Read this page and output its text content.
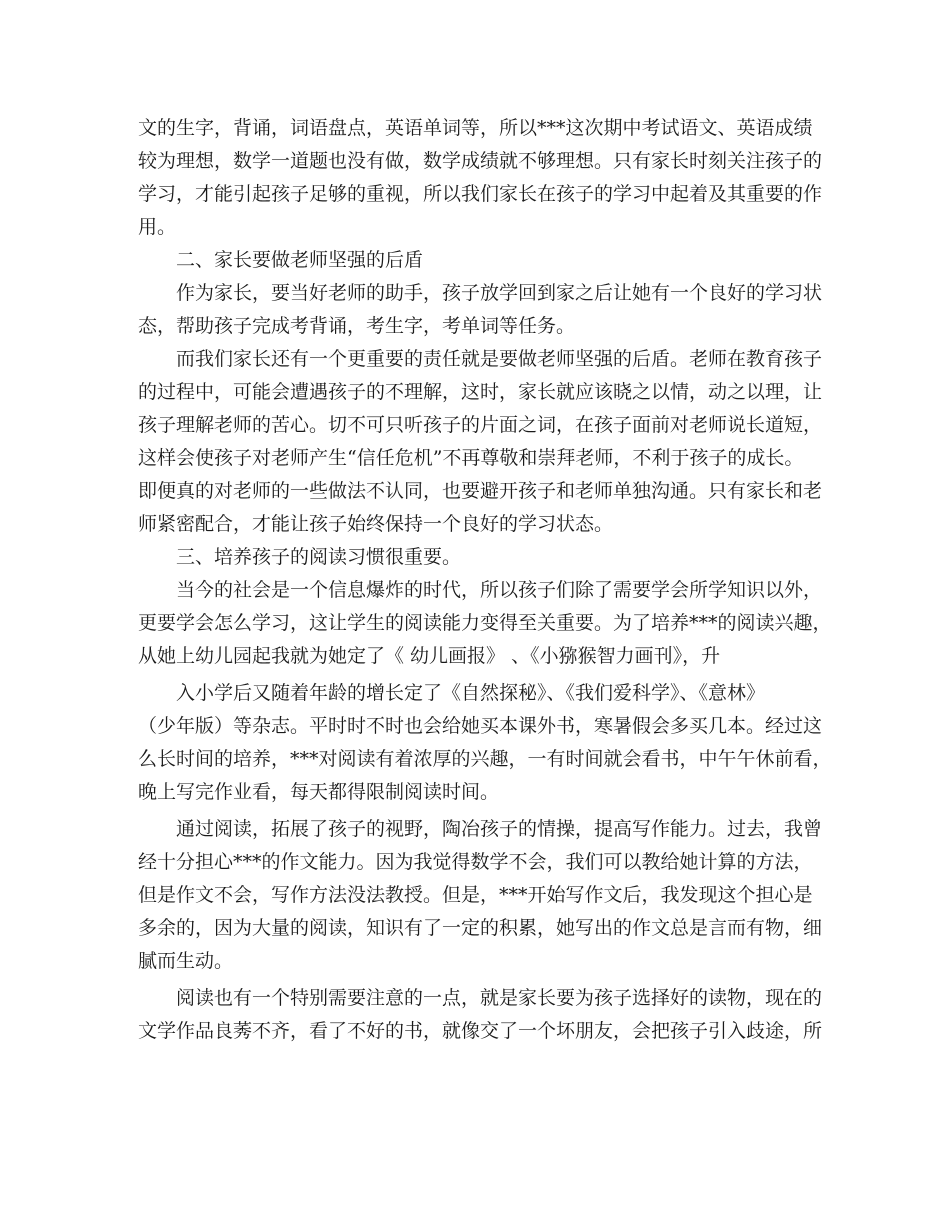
文的生字，背诵，词语盘点，英语单词等，所以***这次期中考试语文、英语成绩
较为理想，数学一道题也没有做，数学成绩就不够理想。只有家长时刻关注孩子的
学习，才能引起孩子足够的重视，所以我们家长在孩子的学习中起着及其重要的作
用。
二、家长要做老师坚强的后盾
作为家长，要当好老师的助手，孩子放学回到家之后让她有一个良好的学习状
态，帮助孩子完成考背诵，考生字，考单词等任务。
而我们家长还有一个更重要的责任就是要做老师坚强的后盾。老师在教育孩子
的过程中，可能会遭遇孩子的不理解，这时，家长就应该晓之以情，动之以理，让
孩子理解老师的苦心。切不可只听孩子的片面之词，在孩子面前对老师说长道短，
这样会使孩子对老师产生“信任危机”不再尊敬和崇拜老师，不利于孩子的成长。
即便真的对老师的一些做法不认同，也要避开孩子和老师单独沟通。只有家长和老
师紧密配合，才能让孩子始终保持一个良好的学习状态。
三、培养孩子的阅读习惯很重要。
当今的社会是一个信息爆炸的时代，所以孩子们除了需要学会所学知识以外，
更要学会怎么学习，这让学生的阅读能力变得至关重要。为了培养***的阅读兴趣，
从她上幼儿园起我就为她定了《 幼儿画报》 、《小猕猴智力画刊》，升
入小学后又随着年龄的增长定了《自然探秘》、《我们爱科学》、《意林》
（少年版）等杂志。平时时不时也会给她买本课外书，寒暑假会多买几本。经过这
么长时间的培养，***对阅读有着浓厚的兴趣，一有时间就会看书，中午午休前看，
晚上写完作业看，每天都得限制阅读时间。
通过阅读，拓展了孩子的视野，陶冶孩子的情操，提高写作能力。过去，我曾
经十分担心***的作文能力。因为我觉得数学不会，我们可以教给她计算的方法，
但是作文不会，写作方法没法教授。但是，***开始写作文后，我发现这个担心是
多余的，因为大量的阅读，知识有了一定的积累，她写出的作文总是言而有物，细
腻而生动。
阅读也有一个特别需要注意的一点，就是家长要为孩子选择好的读物，现在的
文学作品良莠不齐，看了不好的书，就像交了一个坏朋友，会把孩子引入歧途，所
